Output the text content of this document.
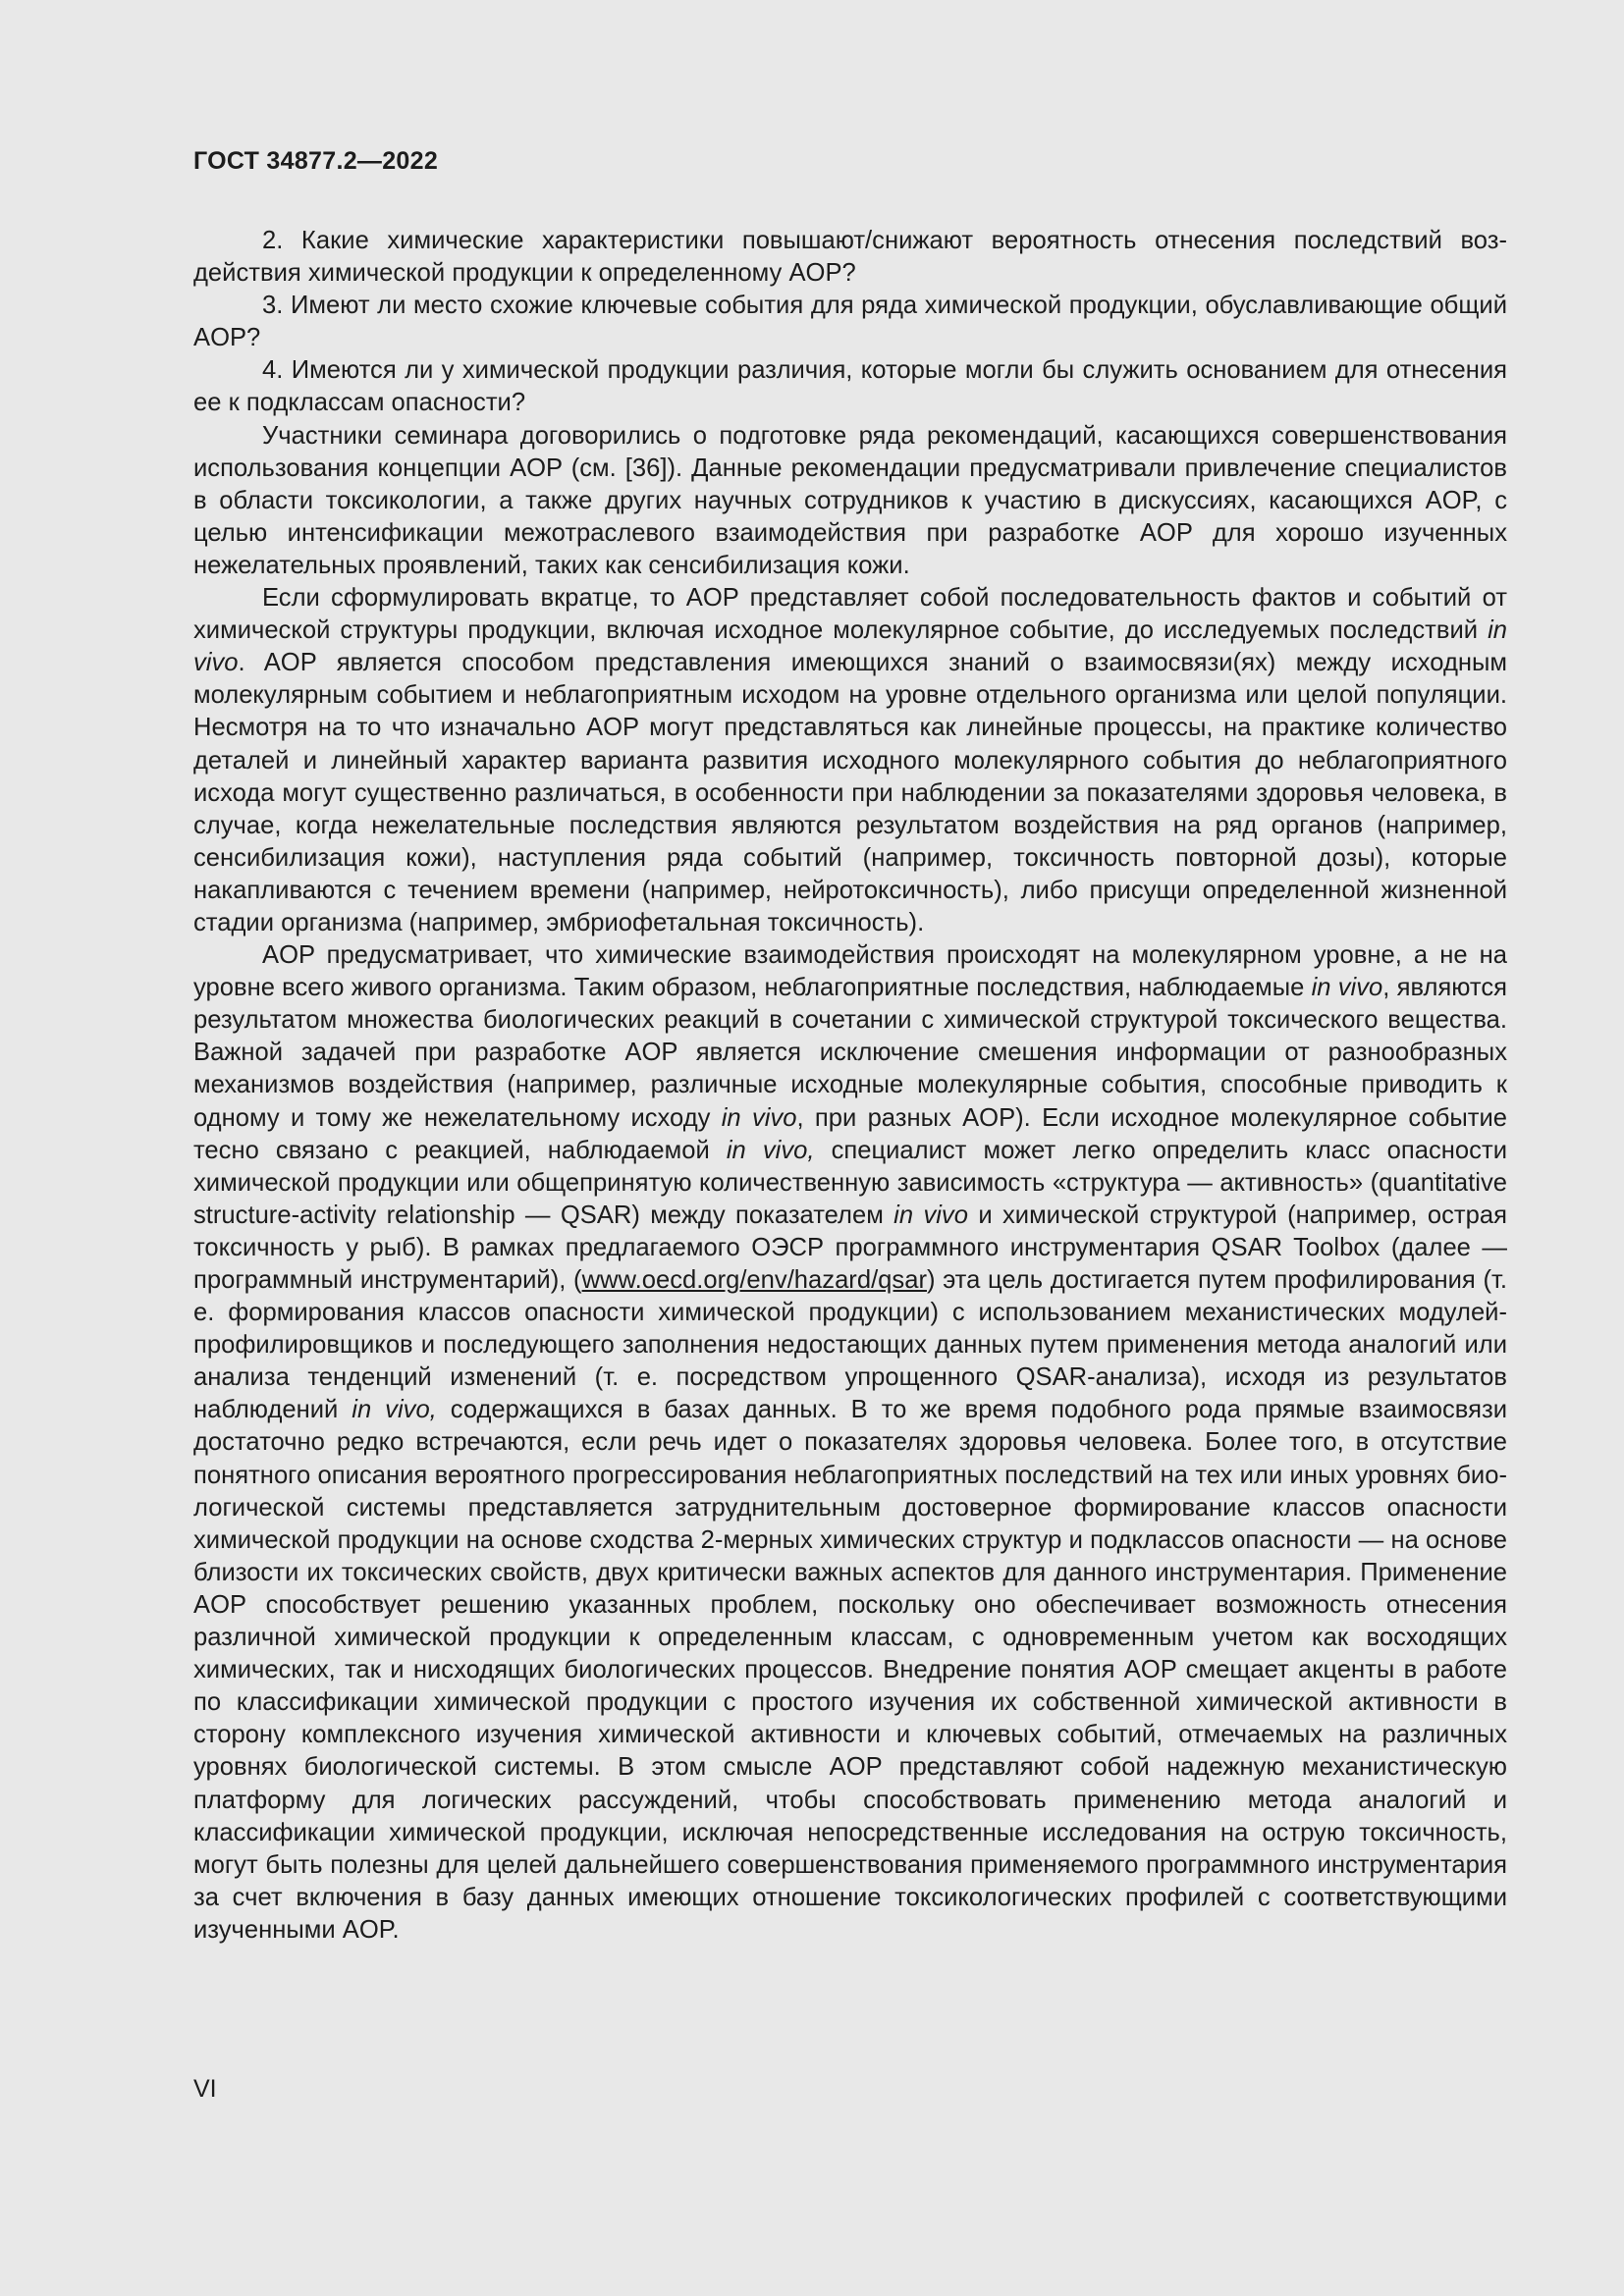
ГОСТ 34877.2—2022

2. Какие химические характеристики повышают/снижают вероятность отнесения последствий воздействия химической продукции к определенному AOP?

3. Имеют ли место схожие ключевые события для ряда химической продукции, обуславливающие общий AOP?

4. Имеются ли у химической продукции различия, которые могли бы служить основанием для отнесения ее к подклассам опасности?

Участники семинара договорились о подготовке ряда рекомендаций, касающихся совершенствования использования концепции AOP (см. [36]). Данные рекомендации предусматривали привлечение специалистов в области токсикологии, а также других научных сотрудников к участию в дискуссиях, касающихся AOP, с целью интенсификации межотраслевого взаимодействия при разработке AOP для хорошо изученных нежелательных проявлений, таких как сенсибилизация кожи.

Если сформулировать вкратце, то AOP представляет собой последовательность фактов и событий от химической структуры продукции, включая исходное молекулярное событие, до исследуемых последствий in vivo. AOP является способом представления имеющихся знаний о взаимосвязи(ях) между исходным молекулярным событием и неблагоприятным исходом на уровне отдельного организма или целой популяции. Несмотря на то что изначально AOP могут представляться как линейные процессы, на практике количество деталей и линейный характер варианта развития исходного молекулярного события до неблагоприятного исхода могут существенно различаться, в особенности при наблюдении за показателями здоровья человека, в случае, когда нежелательные последствия являются результатом воздействия на ряд органов (например, сенсибилизация кожи), наступления ряда событий (например, токсичность повторной дозы), которые накапливаются с течением времени (например, нейротоксичность), либо присущи определенной жизненной стадии организма (например, эмбриофетальная токсичность).

AOP предусматривает, что химические взаимодействия происходят на молекулярном уровне, а не на уровне всего живого организма. Таким образом, неблагоприятные последствия, наблюдаемые in vivo, являются результатом множества биологических реакций в сочетании с химической структурой токсического вещества. Важной задачей при разработке AOP является исключение смешения информации от разнообразных механизмов воздействия (например, различные исходные молекулярные события, способные приводить к одному и тому же нежелательному исходу in vivo, при разных AOP). Если исходное молекулярное событие тесно связано с реакцией, наблюдаемой in vivo, специалист может легко определить класс опасности химической продукции или общепринятую количественную зависимость «структура — активность» (quantitative structure-activity relationship — QSAR) между показателем in vivo и химической структурой (например, острая токсичность у рыб). В рамках предлагаемого ОЭСР программного инструментария QSAR Toolbox (далее — программный инструментарий), (www.oecd.org/env/hazard/qsar) эта цель достигается путем профилирования (т. е. формирования классов опасности химической продукции) с использованием механистических модулей-профилировщиков и последующего заполнения недостающих данных путем применения метода аналогий или анализа тенденций изменений (т. е. посредством упрощенного QSAR-анализа), исходя из результатов наблюдений in vivo, содержащихся в базах данных. В то же время подобного рода прямые взаимосвязи достаточно редко встречаются, если речь идет о показателях здоровья человека. Более того, в отсутствие понятного описания вероятного прогрессирования неблагоприятных последствий на тех или иных уровнях биологической системы представляется затруднительным достоверное формирование классов опасности химической продукции на основе сходства 2-мерных химических структур и подклассов опасности — на основе близости их токсических свойств, двух критически важных аспектов для данного инструментария. Применение AOP способствует решению указанных проблем, поскольку оно обеспечивает возможность отнесения различной химической продукции к определенным классам, с одновременным учетом как восходящих химических, так и нисходящих биологических процессов. Внедрение понятия AOP смещает акценты в работе по классификации химической продукции с простого изучения их собственной химической активности в сторону комплексного изучения химической активности и ключевых событий, отмечаемых на различных уровнях биологической системы. В этом смысле AOP представляют собой надежную механистическую платформу для логических рассуждений, чтобы способствовать применению метода аналогий и классификации химической продукции, исключая непосредственные исследования на острую токсичность, могут быть полезны для целей дальнейшего совершенствования применяемого программного инструментария за счет включения в базу данных имеющих отношение токсикологических профилей с соответствующими изученными AOP.

VI
